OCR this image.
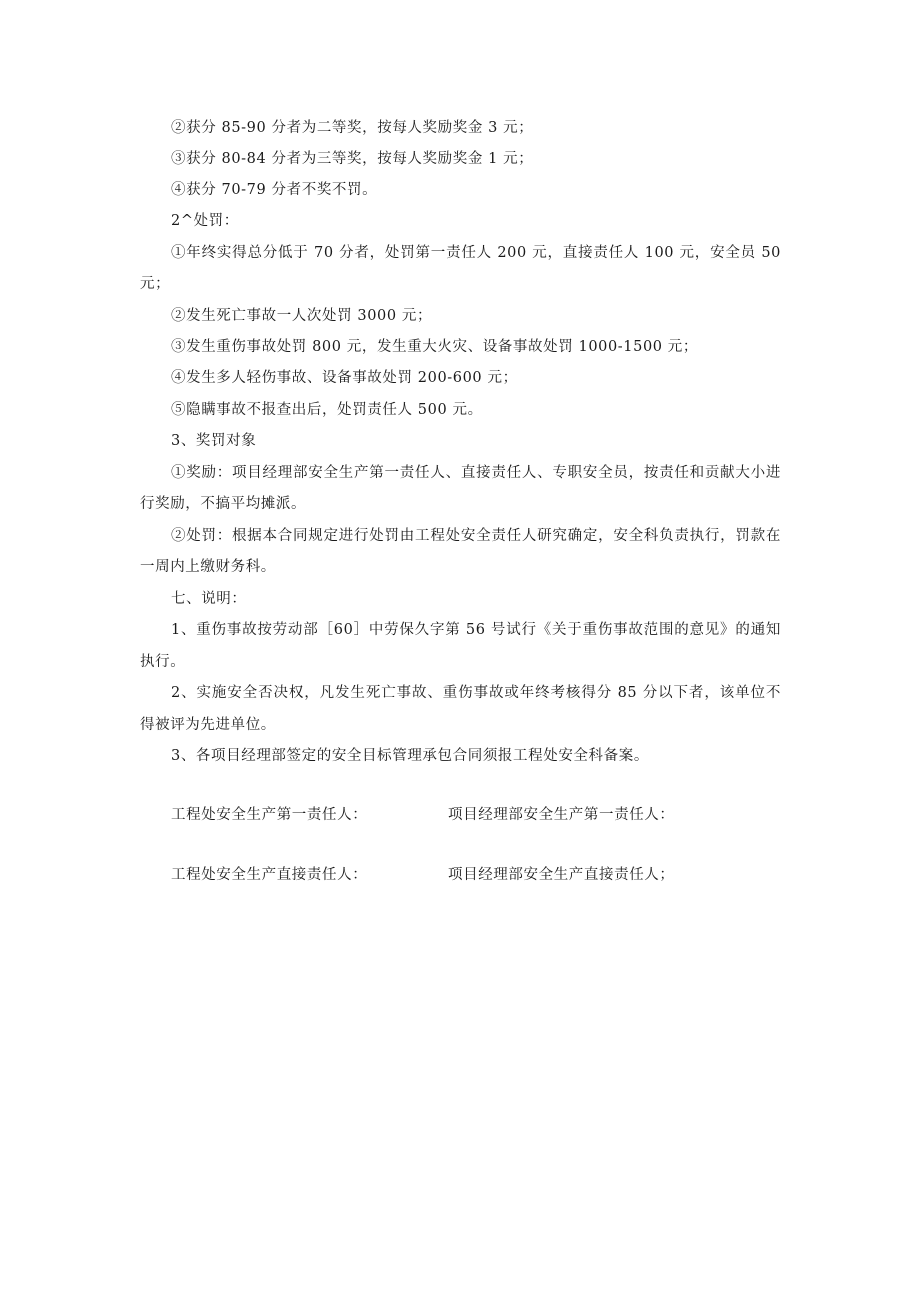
②获分 85-90 分者为二等奖，按每人奖励奖金 3 元；
③获分 80-84 分者为三等奖，按每人奖励奖金 1 元；
④获分 70-79 分者不奖不罚。
2^处罚：
①年终实得总分低于 70 分者，处罚第一责任人 200 元，直接责任人 100 元，安全员 50
元；
②发生死亡事故一人次处罚 3000 元；
③发生重伤事故处罚 800 元，发生重大火灾、设备事故处罚 1000-1500 元；
④发生多人轻伤事故、设备事故处罚 200-600 元；
⑤隐瞒事故不报查出后，处罚责任人 500 元。
3、奖罚对象
①奖励：项目经理部安全生产第一责任人、直接责任人、专职安全员，按责任和贡献大小进
行奖励，不搞平均摊派。
②处罚：根据本合同规定进行处罚由工程处安全责任人研究确定，安全科负责执行，罚款在
一周内上缴财务科。
七、说明：
1、重伤事故按劳动部［60］中劳保久字第 56 号试行《关于重伤事故范围的意见》的通知
执行。
2、实施安全否决权，凡发生死亡事故、重伤事故或年终考核得分 85 分以下者，该单位不
得被评为先进单位。
3、各项目经理部签定的安全目标管理承包合同须报工程处安全科备案。
工程处安全生产第一责任人：	项目经理部安全生产第一责任人：
工程处安全生产直接责任人：	项目经理部安全生产直接责任人；
